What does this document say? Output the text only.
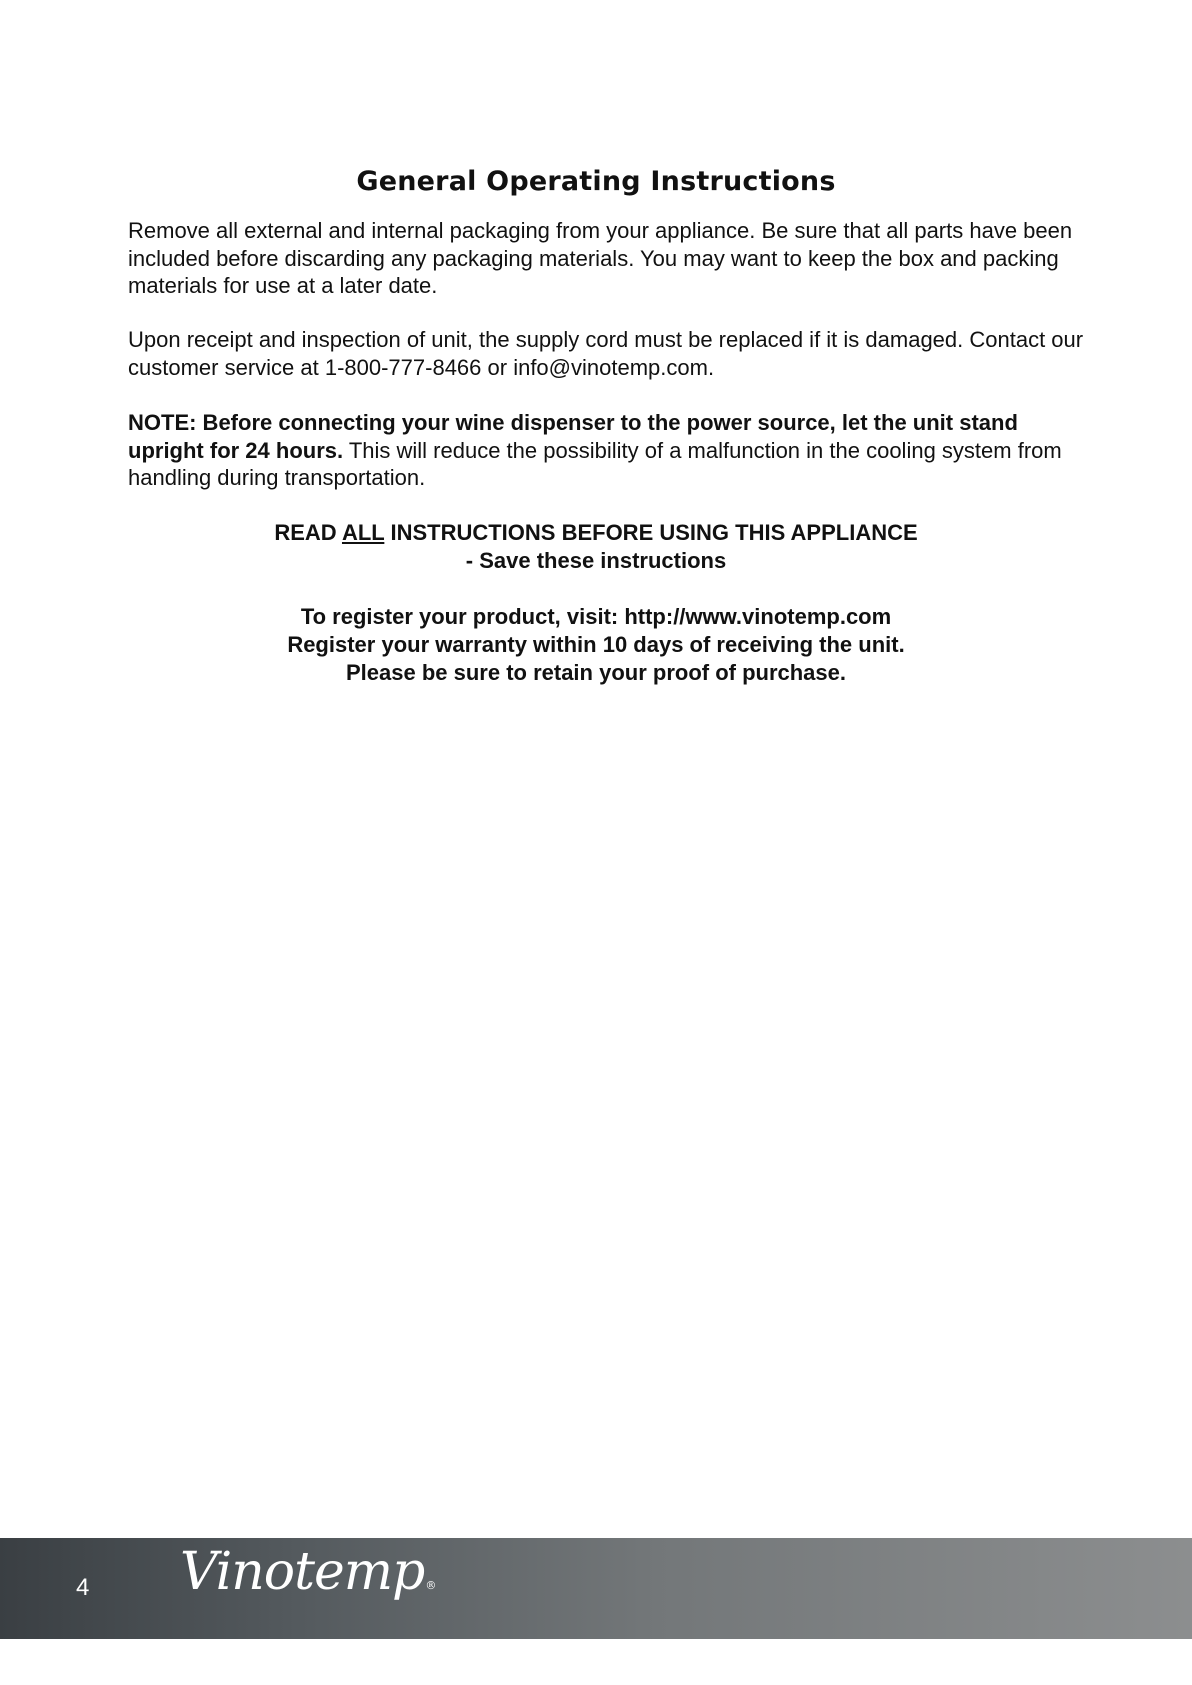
General Operating Instructions

Remove all external and internal packaging from your appliance. Be sure that all parts have been included before discarding any packaging materials. You may want to keep the box and packing materials for use at a later date.

Upon receipt and inspection of unit, the supply cord must be replaced if it is damaged. Contact our customer service at 1-800-777-8466 or info@vinotemp.com.

NOTE: Before connecting your wine dispenser to the power source, let the unit stand upright for 24 hours. This will reduce the possibility of a malfunction in the cooling system from handling during transportation.

READ ALL INSTRUCTIONS BEFORE USING THIS APPLIANCE
- Save these instructions
To register your product, visit: http://www.vinotemp.com
Register your warranty within 10 days of receiving the unit.
Please be sure to retain your proof of purchase.
4 Vinotemp®
